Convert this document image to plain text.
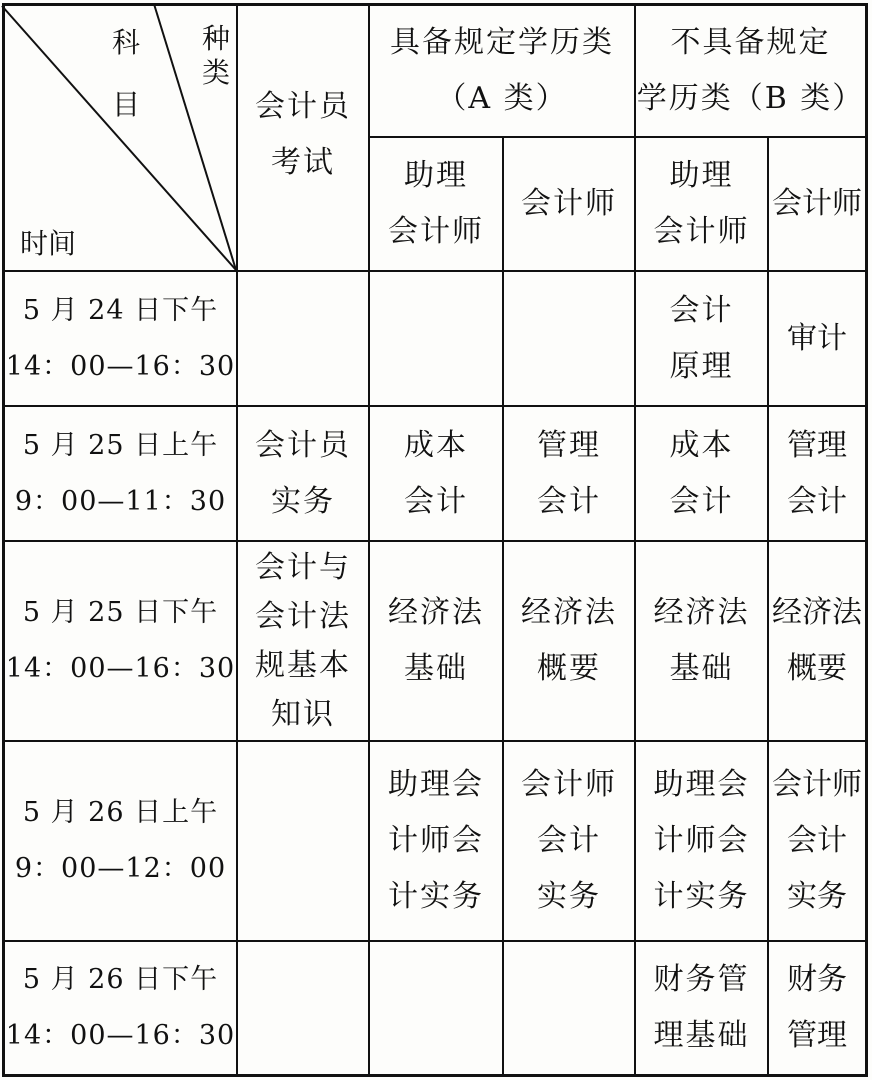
科
目
种
类
时间
会计员
考试
具备规定学历类
（A 类）
不具备规定
学历类（B 类）
助理
会计师
会计师
助理
会计师
会计师
5 月 24 日下午
14：00—16：30
会计
原理
审计
5 月 25 日上午
9：00—11：30
会计员
实务
成本
会计
管理
会计
成本
会计
管理
会计
5 月 25 日下午
14：00—16：30
会计与
会计法
规基本
知识
经济法
基础
经济法
概要
经济法
基础
经济法
概要
5 月 26 日上午
9：00—12：00
助理会
计师会
计实务
会计师
会计
实务
助理会
计师会
计实务
会计师
会计
实务
5 月 26 日下午
14：00—16：30
财务管
理基础
财务
管理
